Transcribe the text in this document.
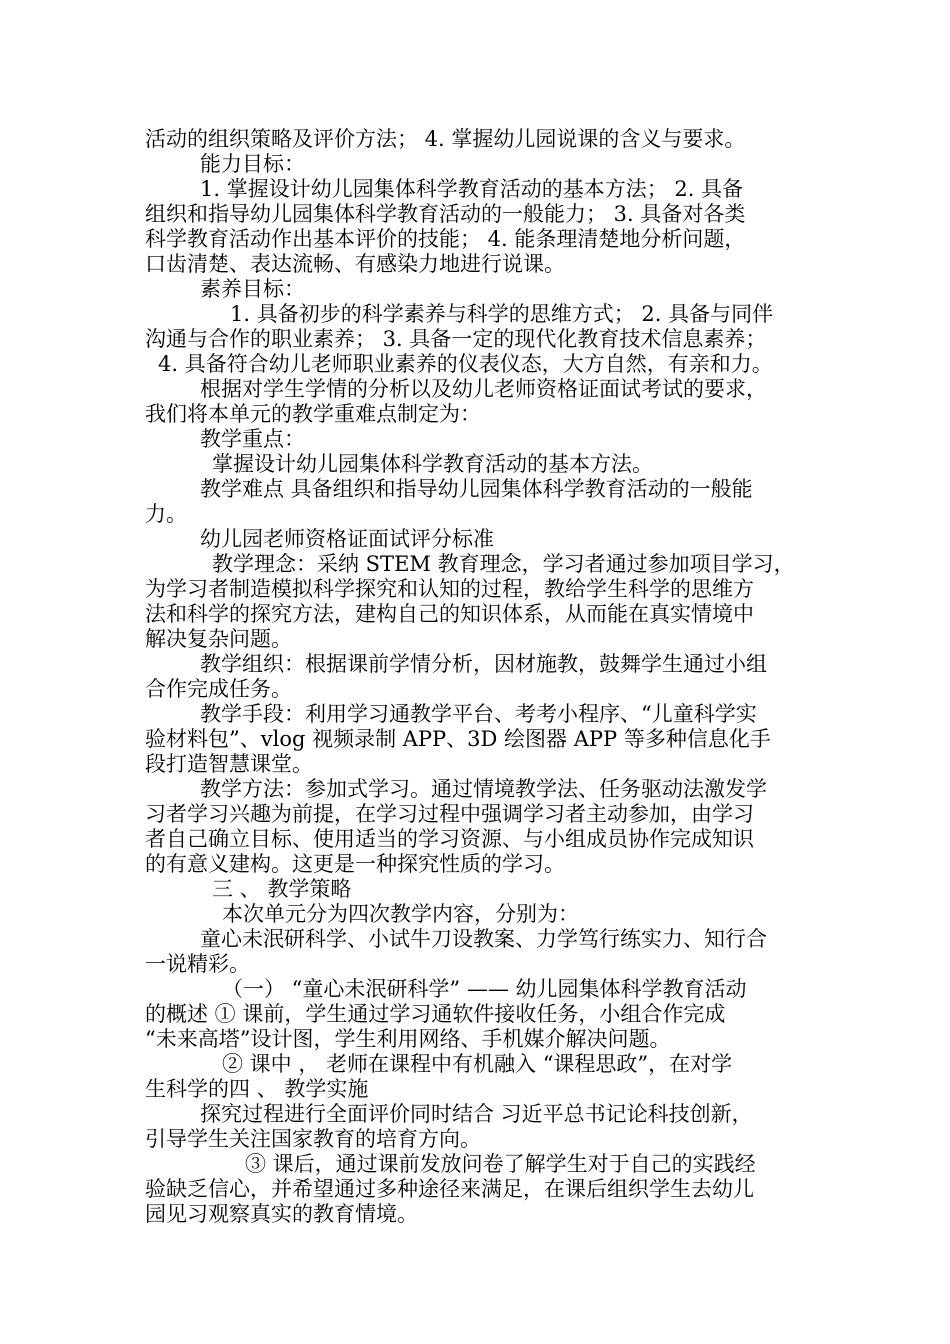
活动的组织策略及评价方法； 4. 掌握幼儿园说课的含义与要求。
能力目标：
1. 掌握设计幼儿园集体科学教育活动的基本方法； 2. 具备
组织和指导幼儿园集体科学教育活动的一般能力； 3. 具备对各类
科学教育活动作出基本评价的技能； 4. 能条理清楚地分析问题，
口齿清楚、表达流畅、有感染力地进行说课。
素养目标：
1. 具备初步的科学素养与科学的思维方式； 2. 具备与同伴
沟通与合作的职业素养； 3. 具备一定的现代化教育技术信息素养；
4. 具备符合幼儿老师职业素养的仪表仪态，大方自然，有亲和力。
根据对学生学情的分析以及幼儿老师资格证面试考试的要求，
我们将本单元的教学重难点制定为：
教学重点：
掌握设计幼儿园集体科学教育活动的基本方法。
教学难点 具备组织和指导幼儿园集体科学教育活动的一般能
力。
幼儿园老师资格证面试评分标准
教学理念：采纳 STEM 教育理念，学习者通过参加项目学习，
为学习者制造模拟科学探究和认知的过程，教给学生科学的思维方
法和科学的探究方法，建构自己的知识体系，从而能在真实情境中
解决复杂问题。
教学组织：根据课前学情分析，因材施教，鼓舞学生通过小组
合作完成任务。
教学手段：利用学习通教学平台、考考小程序、“儿童科学实
验材料包”、vlog 视频录制 APP、3D 绘图器 APP 等多种信息化手
段打造智慧课堂。
教学方法：参加式学习。通过情境教学法、任务驱动法激发学
习者学习兴趣为前提，在学习过程中强调学习者主动参加，由学习
者自己确立目标、使用适当的学习资源、与小组成员协作完成知识
的有意义建构。这更是一种探究性质的学习。
三 、 教学策略
本次单元分为四次教学内容，分别为：
童心未泯研科学、小试牛刀设教案、力学笃行练实力、知行合
一说精彩。
（一） “童心未泯研科学” —— 幼儿园集体科学教育活动
的概述 ① 课前，学生通过学习通软件接收任务，小组合作完成
“未来高塔”设计图，学生利用网络、手机媒介解决问题。
② 课中 ， 老师在课程中有机融入 “课程思政”，在对学
生科学的四 、 教学实施
探究过程进行全面评价同时结合 习近平总书记论科技创新，
引导学生关注国家教育的培育方向。
③ 课后，通过课前发放问卷了解学生对于自己的实践经
验缺乏信心，并希望通过多种途径来满足，在课后组织学生去幼儿
园见习观察真实的教育情境。
